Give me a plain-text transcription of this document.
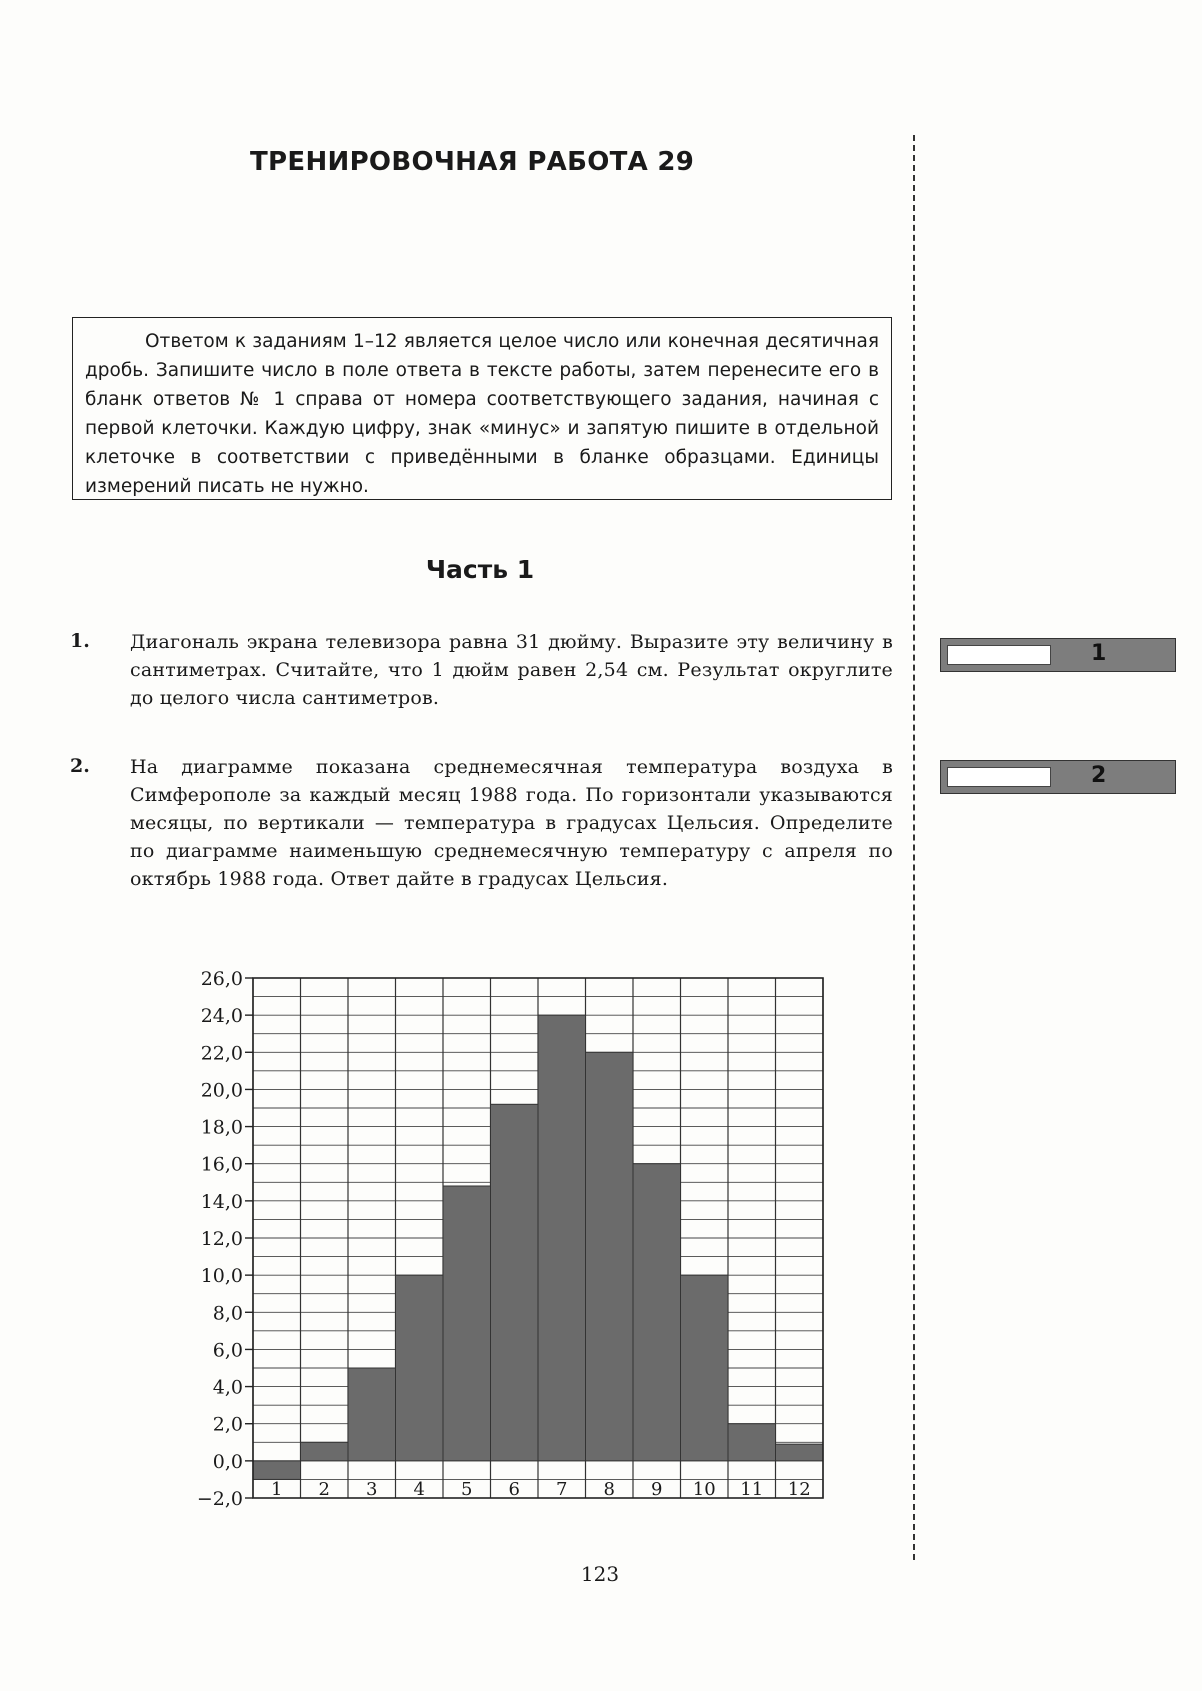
ТРЕНИРОВОЧНАЯ РАБОТА 29
Ответом к заданиям 1–12 является целое число или конечная десятичная дробь. Запишите число в поле ответа в тексте работы, затем перенесите его в бланк ответов № 1 справа от номера соответствующего задания, начиная с первой клеточки. Каждую цифру, знак «минус» и запятую пишите в отдельной клеточке в соответствии с приведёнными в бланке образцами. Единицы измерений писать не нужно.
Часть 1
1. Диагональ экрана телевизора равна 31 дюйму. Выразите эту величину в сантиметрах. Считайте, что 1 дюйм равен 2,54 см. Результат округлите до целого числа сантиметров.
1
2. На диаграмме показана среднемесячная температура воздуха в Симферополе за каждый месяц 1988 года. По горизонтали указываются месяцы, по вертикали — температура в градусах Цельсия. Определите по диаграмме наименьшую среднемесячную температуру с апреля по октябрь 1988 года. Ответ дайте в градусах Цельсия.
2
−2,0
0,0
2,0
4,0
6,0
8,0
10,0
12,0
14,0
16,0
18,0
20,0
22,0
24,0
26,0
1 2 3 4 5 6 7 8 9 10 11 12
123
